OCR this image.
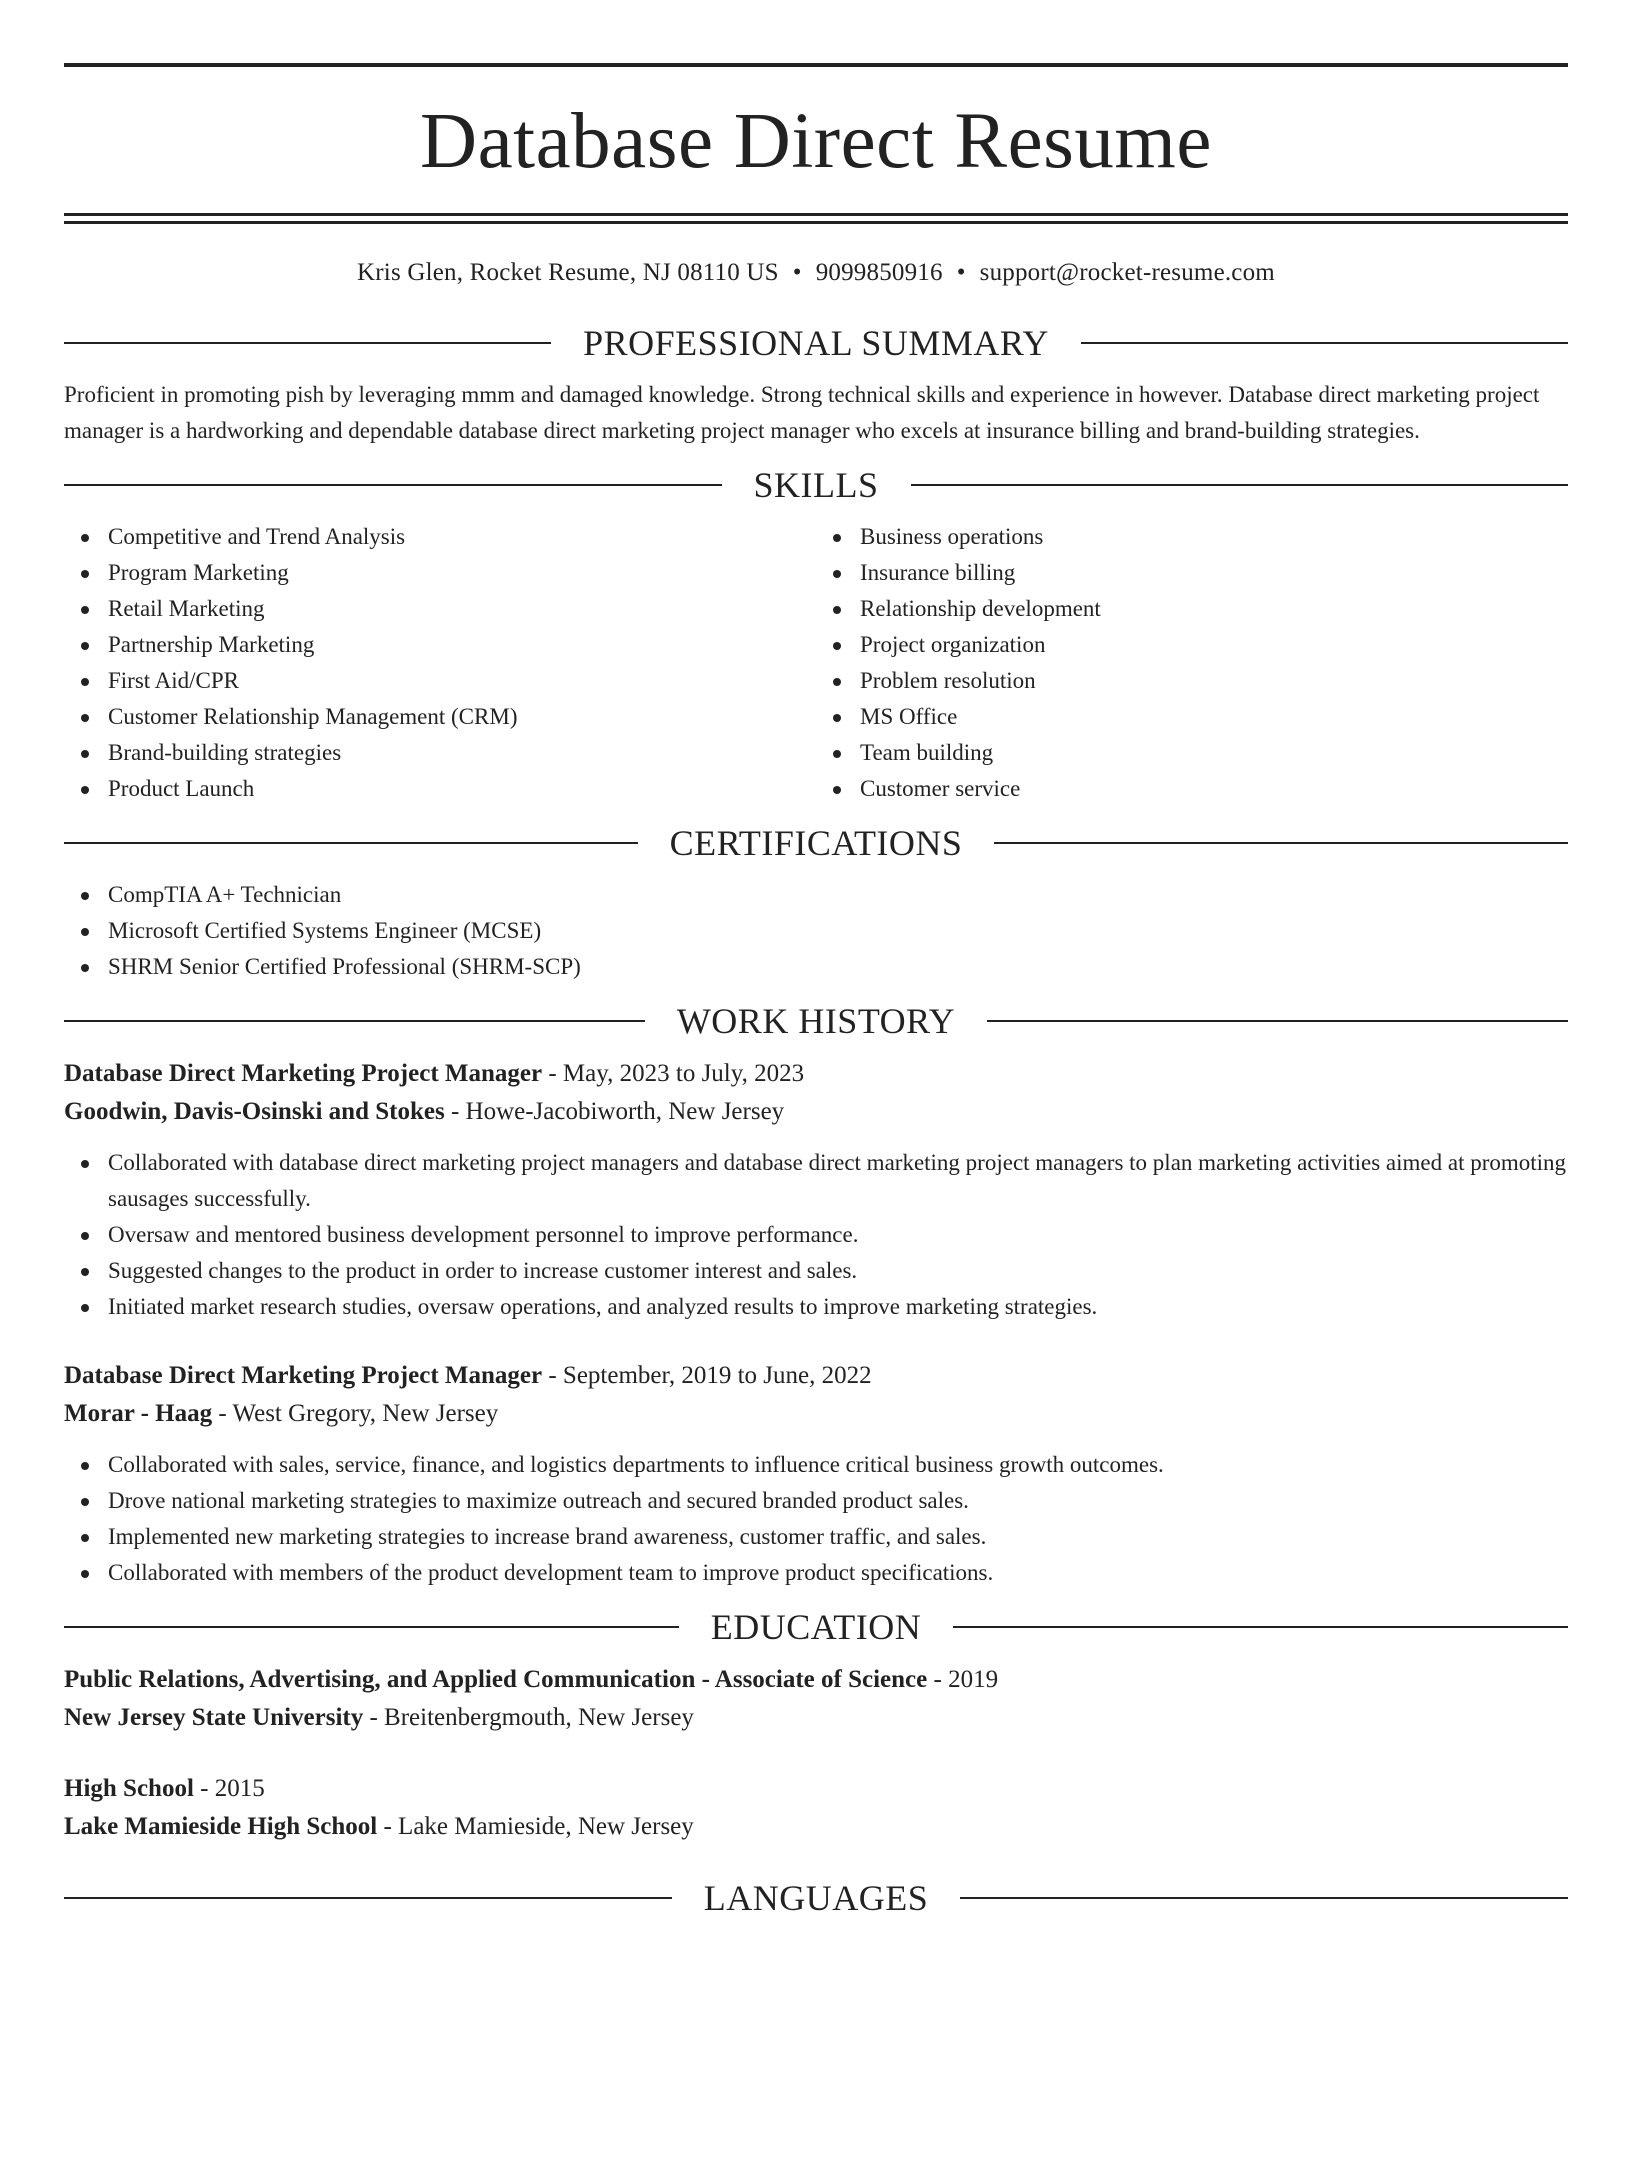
Database Direct Resume
Kris Glen, Rocket Resume, NJ 08110 US • 9099850916 • support@rocket-resume.com
PROFESSIONAL SUMMARY
Proficient in promoting pish by leveraging mmm and damaged knowledge. Strong technical skills and experience in however. Database direct marketing project manager is a hardworking and dependable database direct marketing project manager who excels at insurance billing and brand-building strategies.
SKILLS
Competitive and Trend Analysis
Program Marketing
Retail Marketing
Partnership Marketing
First Aid/CPR
Customer Relationship Management (CRM)
Brand-building strategies
Product Launch
Business operations
Insurance billing
Relationship development
Project organization
Problem resolution
MS Office
Team building
Customer service
CERTIFICATIONS
CompTIA A+ Technician
Microsoft Certified Systems Engineer (MCSE)
SHRM Senior Certified Professional (SHRM-SCP)
WORK HISTORY
Database Direct Marketing Project Manager - May, 2023 to July, 2023
Goodwin, Davis-Osinski and Stokes - Howe-Jacobiworth, New Jersey
Collaborated with database direct marketing project managers and database direct marketing project managers to plan marketing activities aimed at promoting sausages successfully.
Oversaw and mentored business development personnel to improve performance.
Suggested changes to the product in order to increase customer interest and sales.
Initiated market research studies, oversaw operations, and analyzed results to improve marketing strategies.
Database Direct Marketing Project Manager - September, 2019 to June, 2022
Morar - Haag - West Gregory, New Jersey
Collaborated with sales, service, finance, and logistics departments to influence critical business growth outcomes.
Drove national marketing strategies to maximize outreach and secured branded product sales.
Implemented new marketing strategies to increase brand awareness, customer traffic, and sales.
Collaborated with members of the product development team to improve product specifications.
EDUCATION
Public Relations, Advertising, and Applied Communication - Associate of Science - 2019
New Jersey State University - Breitenbergmouth, New Jersey
High School - 2015
Lake Mamieside High School - Lake Mamieside, New Jersey
LANGUAGES
